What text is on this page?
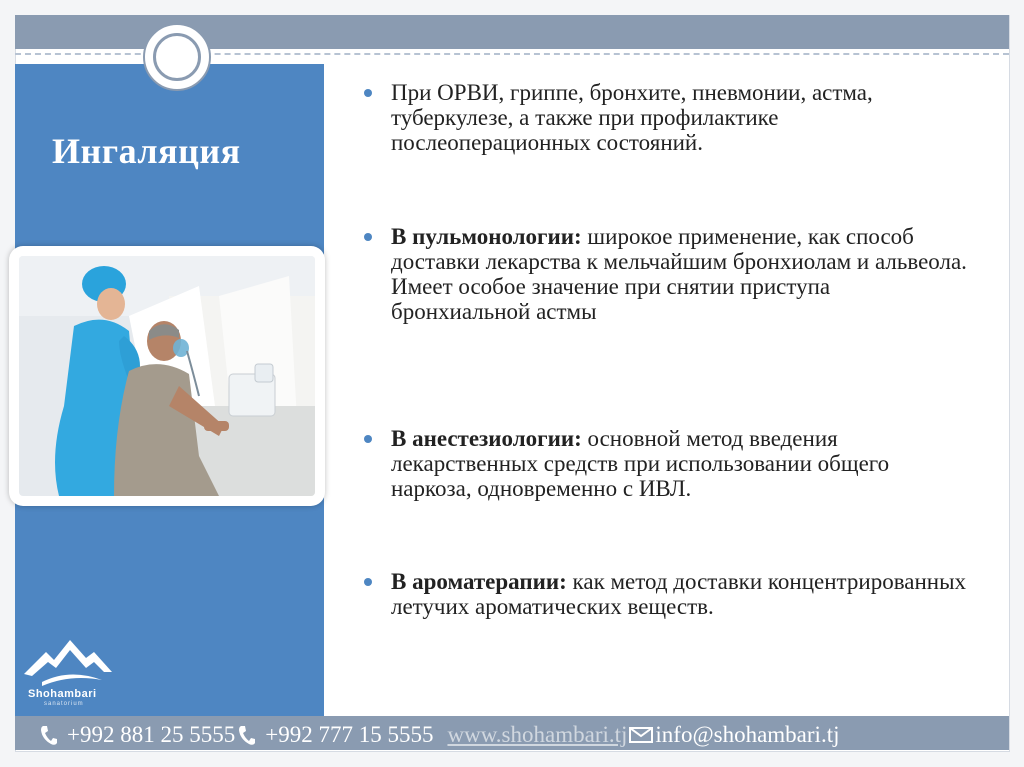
Ингаляция
Shohambari
sanatorium
При ОРВИ, гриппе, бронхите, пневмонии, астма, туберкулезе, а также при профилактике послеоперационных состояний.
В пульмонологии: широкое применение, как способ доставки лекарства к мельчайшим бронхиолам и альвеола. Имеет особое значение при снятии приступа бронхиальной астмы
В анестезиологии: основной метод введения лекарственных средств при использовании общего наркоза, одновременно с ИВЛ.
В ароматерапии: как метод доставки концентрированных летучих ароматических веществ.
+992 881 25 5555 +992 777 15 5555 www.shohambari.tj info@shohambari.tj
